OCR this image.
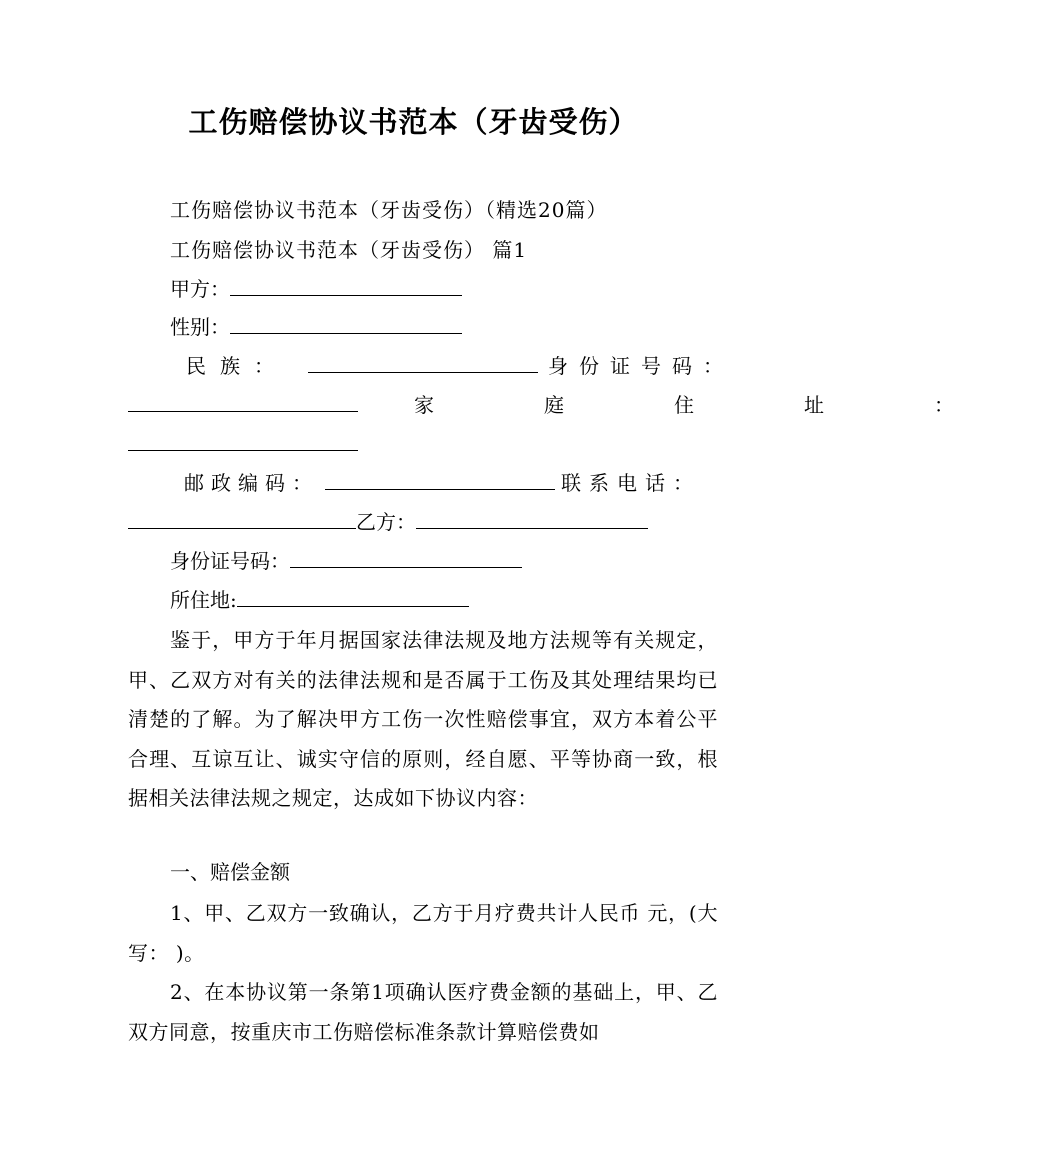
工伤赔偿协议书范本（牙齿受伤）
工伤赔偿协议书范本（牙齿受伤）（精选20篇）
工伤赔偿协议书范本（牙齿受伤） 篇1
甲方：
性别：
民族：	身份证号码：
家庭住址：
邮政编码：	联系电话：
乙方：
身份证号码：
所住地:
鉴于，甲方于年月据国家法律法规及地方法规等有关规定，甲、乙双方对有关的法律法规和是否属于工伤及其处理结果均已清楚的了解。为了解决甲方工伤一次性赔偿事宜，双方本着公平合理、互谅互让、诚实守信的原则，经自愿、平等协商一致，根据相关法律法规之规定，达成如下协议内容：
一、赔偿金额
1、甲、乙双方一致确认，乙方于月疗费共计人民币 元，(大写： )。
2、在本协议第一条第1项确认医疗费金额的基础上，甲、乙双方同意，按重庆市工伤赔偿标准条款计算赔偿费如
